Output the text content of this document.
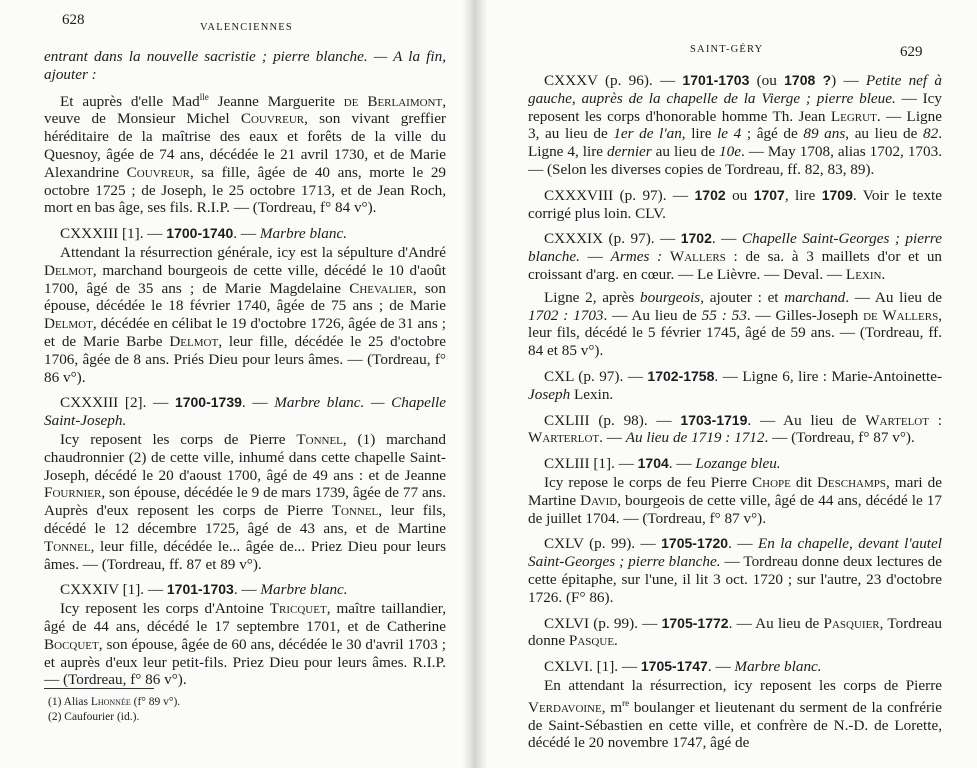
628	VALENCIENNES

entrant dans la nouvelle sacristie ; pierre blanche. — A la fin, ajouter :

Et auprès d'elle Mad$^{lle}$ Jeanne Marguerite de Berlaimont, veuve de Monsieur Michel Couvreur, son vivant greffier héréditaire de la maîtrise des eaux et forêts de la ville du Quesnoy, âgée de 74 ans, décédée le 21 avril 1730, et de Marie Alexandrine Couvreur, sa fille, âgée de 40 ans, morte le 29 octobre 1725 ; de Joseph, le 25 octobre 1713, et de Jean Roch, mort en bas âge, ses fils. R.I.P. — (Tordreau, f° 84 v°).

CXXXIII [1]. — 1700-1740. — Marbre blanc.

Attendant la résurrection générale, icy est la sépulture d'André Delmot, marchand bourgeois de cette ville, décédé le 10 d'août 1700, âgé de 35 ans ; de Marie Magdelaine Chevalier, son épouse, décédée le 18 février 1740, âgée de 75 ans ; de Marie Delmot, décédée en célibat le 19 d'octobre 1726, âgée de 31 ans ; et de Marie Barbe Delmot, leur fille, décédée le 25 d'octobre 1706, âgée de 8 ans. Priés Dieu pour leurs âmes. — (Tordreau, f° 86 v°).

CXXXIII [2]. — 1700-1739. — Marbre blanc. — Chapelle Saint-Joseph.

Icy reposent les corps de Pierre Tonnel, (1) marchand chaudronnier (2) de cette ville, inhumé dans cette chapelle Saint-Joseph, décédé le 20 d'aoust 1700, âgé de 49 ans : et de Jeanne Fournier, son épouse, décédée le 9 de mars 1739, âgée de 77 ans. Auprès d'eux reposent les corps de Pierre Tonnel, leur fils, décédé le 12 décembre 1725, âgé de 43 ans, et de Martine Tonnel, leur fille, décédée le... âgée de... Priez Dieu pour leurs âmes. — (Tordreau, ff. 87 et 89 v°).

CXXXIV [1]. — 1701-1703. — Marbre blanc.

Icy reposent les corps d'Antoine Tricquet, maître taillandier, âgé de 44 ans, décédé le 17 septembre 1701, et de Catherine Bocquet, son épouse, âgée de 60 ans, décédée le 30 d'avril 1703 ; et auprès d'eux leur petit-fils. Priez Dieu pour leurs âmes. R.I.P. — (Tordreau, f° 86 v°).

(1) Alias Lhonnée (f° 89 v°).
(2) Caufourier (id.).
SAINT-GÉRY	629

CXXXV (p. 96). — 1701-1703 (ou 1708 ?) — Petite nef à gauche, auprès de la chapelle de la Vierge ; pierre bleue. — Icy reposent les corps d'honorable homme Th. Jean Legrut. — Ligne 3, au lieu de 1er de l'an, lire le 4 ; âgé de 89 ans, au lieu de 82. Ligne 4, lire dernier au lieu de 10e. — May 1708, alias 1702, 1703. — (Selon les diverses copies de Tordreau, ff. 82, 83, 89).

CXXXVIII (p. 97). — 1702 ou 1707, lire 1709. Voir le texte corrigé plus loin. CLV.

CXXXIX (p. 97). — 1702. — Chapelle Saint-Georges ; pierre blanche. — Armes : Wallers : de sa. à 3 maillets d'or et un croissant d'arg. en cœur. — Le Lièvre. — Deval. — Lexin.

Ligne 2, après bourgeois, ajouter : et marchand. — Au lieu de 1702 : 1703. — Au lieu de 55 : 53. — Gilles-Joseph de Wallers, leur fils, décédé le 5 février 1745, âgé de 59 ans. — (Tordreau, ff. 84 et 85 v°).

CXL (p. 97). — 1702-1758. — Ligne 6, lire : Marie-Antoinette-Joseph Lexin.

CXLIII (p. 98). — 1703-1719. — Au lieu de Wartelot : Warterlot. — Au lieu de 1719 : 1712. — (Tordreau, f° 87 v°).

CXLIII [1]. — 1704. — Lozange bleu.

Icy repose le corps de feu Pierre Chope dit Deschamps, mari de Martine David, bourgeois de cette ville, âgé de 44 ans, décédé le 17 de juillet 1704. — (Tordreau, f° 87 v°).

CXLV (p. 99). — 1705-1720. — En la chapelle, devant l'autel Saint-Georges ; pierre blanche. — Tordreau donne deux lectures de cette épitaphe, sur l'une, il lit 3 oct. 1720 ; sur l'autre, 23 d'octobre 1726. (F° 86).

CXLVI (p. 99). — 1705-1772. — Au lieu de Pasquier, Tordreau donne Pasque.

CXLVI. [1]. — 1705-1747. — Marbre blanc.

En attendant la résurrection, icy reposent les corps de Pierre Verdavoine, $m^{re}$ boulanger et lieutenant du serment de la confrérie de Saint-Sébastien en cette ville, et confrère de N.-D. de Lorette, décédé le 20 novembre 1747, âgé de
